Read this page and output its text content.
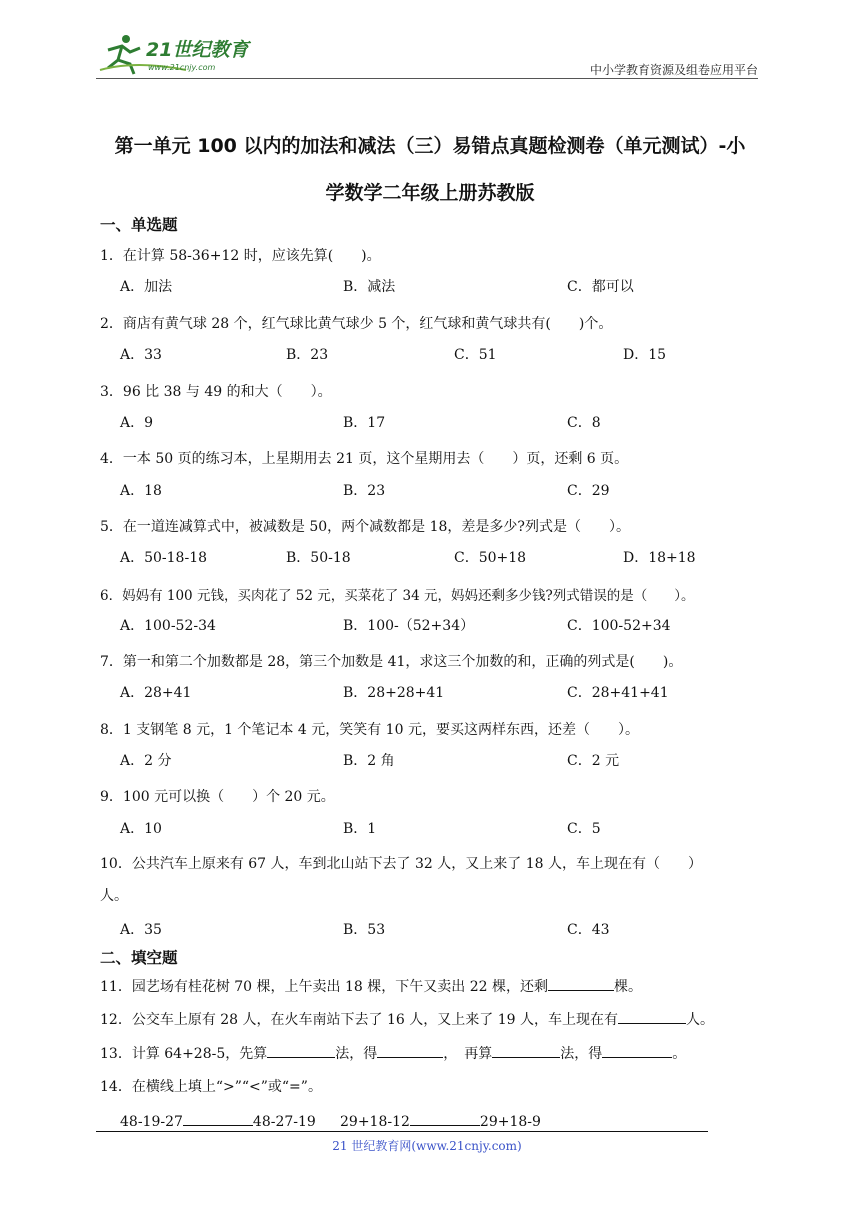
21世纪教育
www.21cnjy.com	中小学教育资源及组卷应用平台
第一单元 100 以内的加法和减法（三）易错点真题检测卷（单元测试）-小
学数学二年级上册苏教版
一、单选题
1．在计算 58-36+12 时，应该先算(　　)。
A．加法	B．减法	C．都可以
2．商店有黄气球 28 个，红气球比黄气球少 5 个，红气球和黄气球共有(　　)个。
A．33	B．23	C．51	D．15
3．96 比 38 与 49 的和大（　　）。
A．9	B．17	C．8
4．一本 50 页的练习本，上星期用去 21 页，这个星期用去（　　）页，还剩 6 页。
A．18	B．23	C．29
5．在一道连减算式中，被减数是 50，两个减数都是 18，差是多少?列式是（　　）。
A．50-18-18	B．50-18	C．50+18	D．18+18
6．妈妈有 100 元钱，买肉花了 52 元，买菜花了 34 元，妈妈还剩多少钱?列式错误的是（　　）。
A．100-52-34	B．100-（52+34）	C．100-52+34
7．第一和第二个加数都是 28，第三个加数是 41，求这三个加数的和，正确的列式是(　　)。
A．28+41	B．28+28+41	C．28+41+41
8．1 支钢笔 8 元，1 个笔记本 4 元，笑笑有 10 元，要买这两样东西，还差（　　）。
A．2 分	B．2 角	C．2 元
9．100 元可以换（　　）个 20 元。
A．10	B．1	C．5
10．公共汽车上原来有 67 人，车到北山站下去了 32 人，又上来了 18 人，车上现在有（　　）
人。
A．35	B．53	C．43
二、填空题
11．园艺场有桂花树 70 棵，上午卖出 18 棵，下午又卖出 22 棵，还剩	棵。
12．公交车上原有 28 人，在火车南站下去了 16 人，又上来了 19 人，车上现在有	人。
13．计算 64+28-5，先算	法，得	，　再算	法，得	。
14．在横线上填上“>”“<”或“=”。
48-19-27	48-27-19 29+18-12	29+18-9
21 世纪教育网(www.21cnjy.com)
